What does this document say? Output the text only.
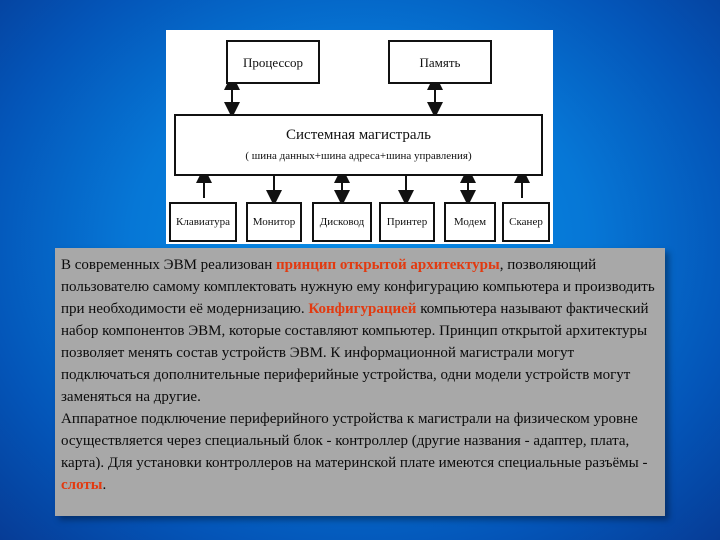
Процессор	Память
Системная магистраль
( шина данных+шина адреса+шина управления)
Клавиатура Монитор Дисковод Принтер Модем Сканер

В современных ЭВМ реализован принцип открытой архитектуры, позволяющий пользователю самому комплектовать нужную ему конфигурацию компьютера и производить при необходимости её модернизацию. Конфигурацией компьютера называют фактический набор компонентов ЭВМ, которые составляют компьютер. Принцип открытой архитектуры позволяет менять состав устройств ЭВМ. К информационной магистрали могут подключаться дополнительные периферийные устройства, одни модели устройств могут заменяться на другие.
Аппаратное подключение периферийного устройства к магистрали на физическом уровне осуществляется через специальный блок - контроллер (другие названия - адаптер, плата, карта). Для установки контроллеров на материнской плате имеются специальные разъёмы - слоты.
